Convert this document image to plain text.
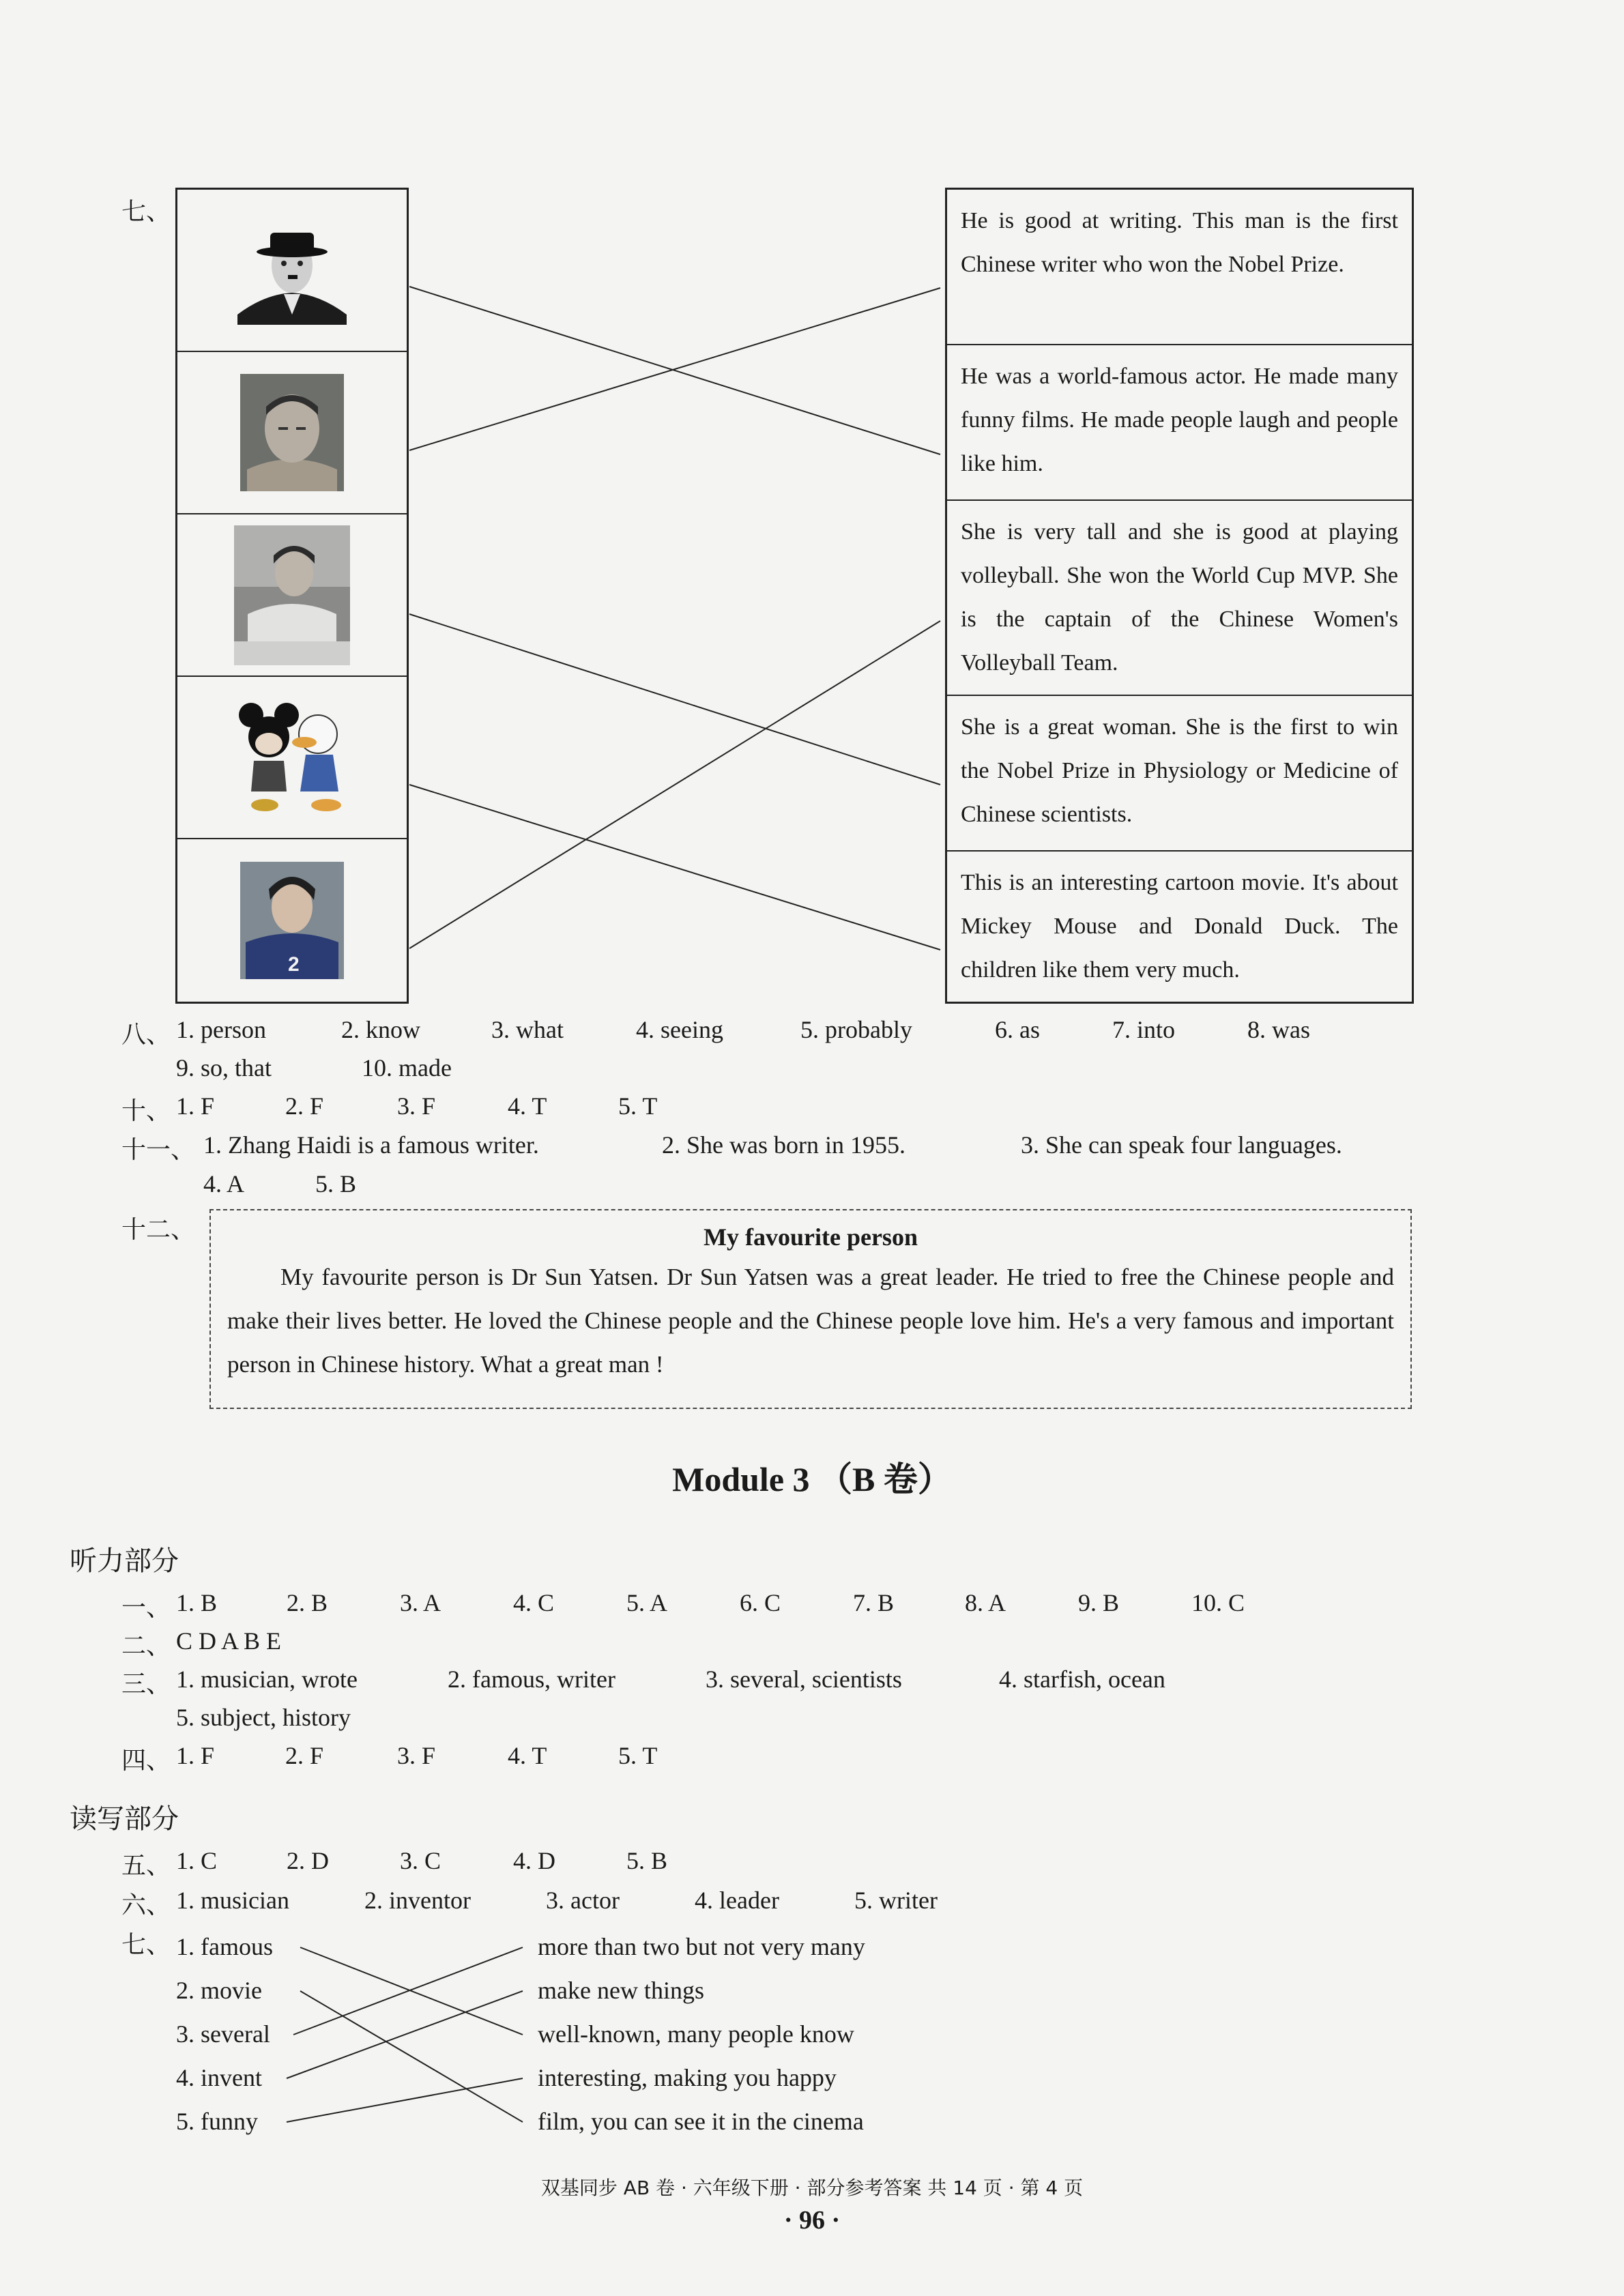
七、
2
He is good at writing. This man is the first Chinese writer who won the Nobel Prize.
He was a world-famous actor. He made many funny films. He made people laugh and people like him.
She is very tall and she is good at playing volleyball. She won the World Cup MVP. She is the captain of the Chinese Women's Volleyball Team.
She is a great woman. She is the first to win the Nobel Prize in Physiology or Medicine of Chinese scientists.
This is an interesting cartoon movie. It's about Mickey Mouse and Donald Duck. The children like them very much.
八、 1. person	2. know	3. what	4. seeing	5. probably	6. as	7. into	8. was
9. so, that	10. made
十、 1. F	2. F	3. F	4. T	5. T
十一、 1. Zhang Haidi is a famous writer.	2. She was born in 1955.	3. She can speak four languages.
4. A	5. B
十二、	My favourite person
My favourite person is Dr Sun Yatsen. Dr Sun Yatsen was a great leader. He tried to free the Chinese people and make their lives better. He loved the Chinese people and the Chinese people love him. He's a very famous and important person in Chinese history. What a great man !
Module 3 （B 卷）
听力部分
一、 1. B	2. B	3. A	4. C	5. A	6. C	7. B	8. A	9. B	10. C
二、 C D A B E
三、 1. musician, wrote	2. famous, writer	3. several, scientists	4. starfish, ocean
5. subject, history
四、 1. F	2. F	3. F	4. T	5. T
读写部分
五、 1. C	2. D	3. C	4. D	5. B
六、 1. musician	2. inventor	3. actor	4. leader	5. writer
七、 1. famous
2. movie
3. several
4. invent
5. funny
more than two but not very many
make new things
well-known, many people know
interesting, making you happy
film, you can see it in the cinema
双基同步 AB 卷 · 六年级下册 · 部分参考答案 共 14 页 · 第 4 页
· 96 ·
